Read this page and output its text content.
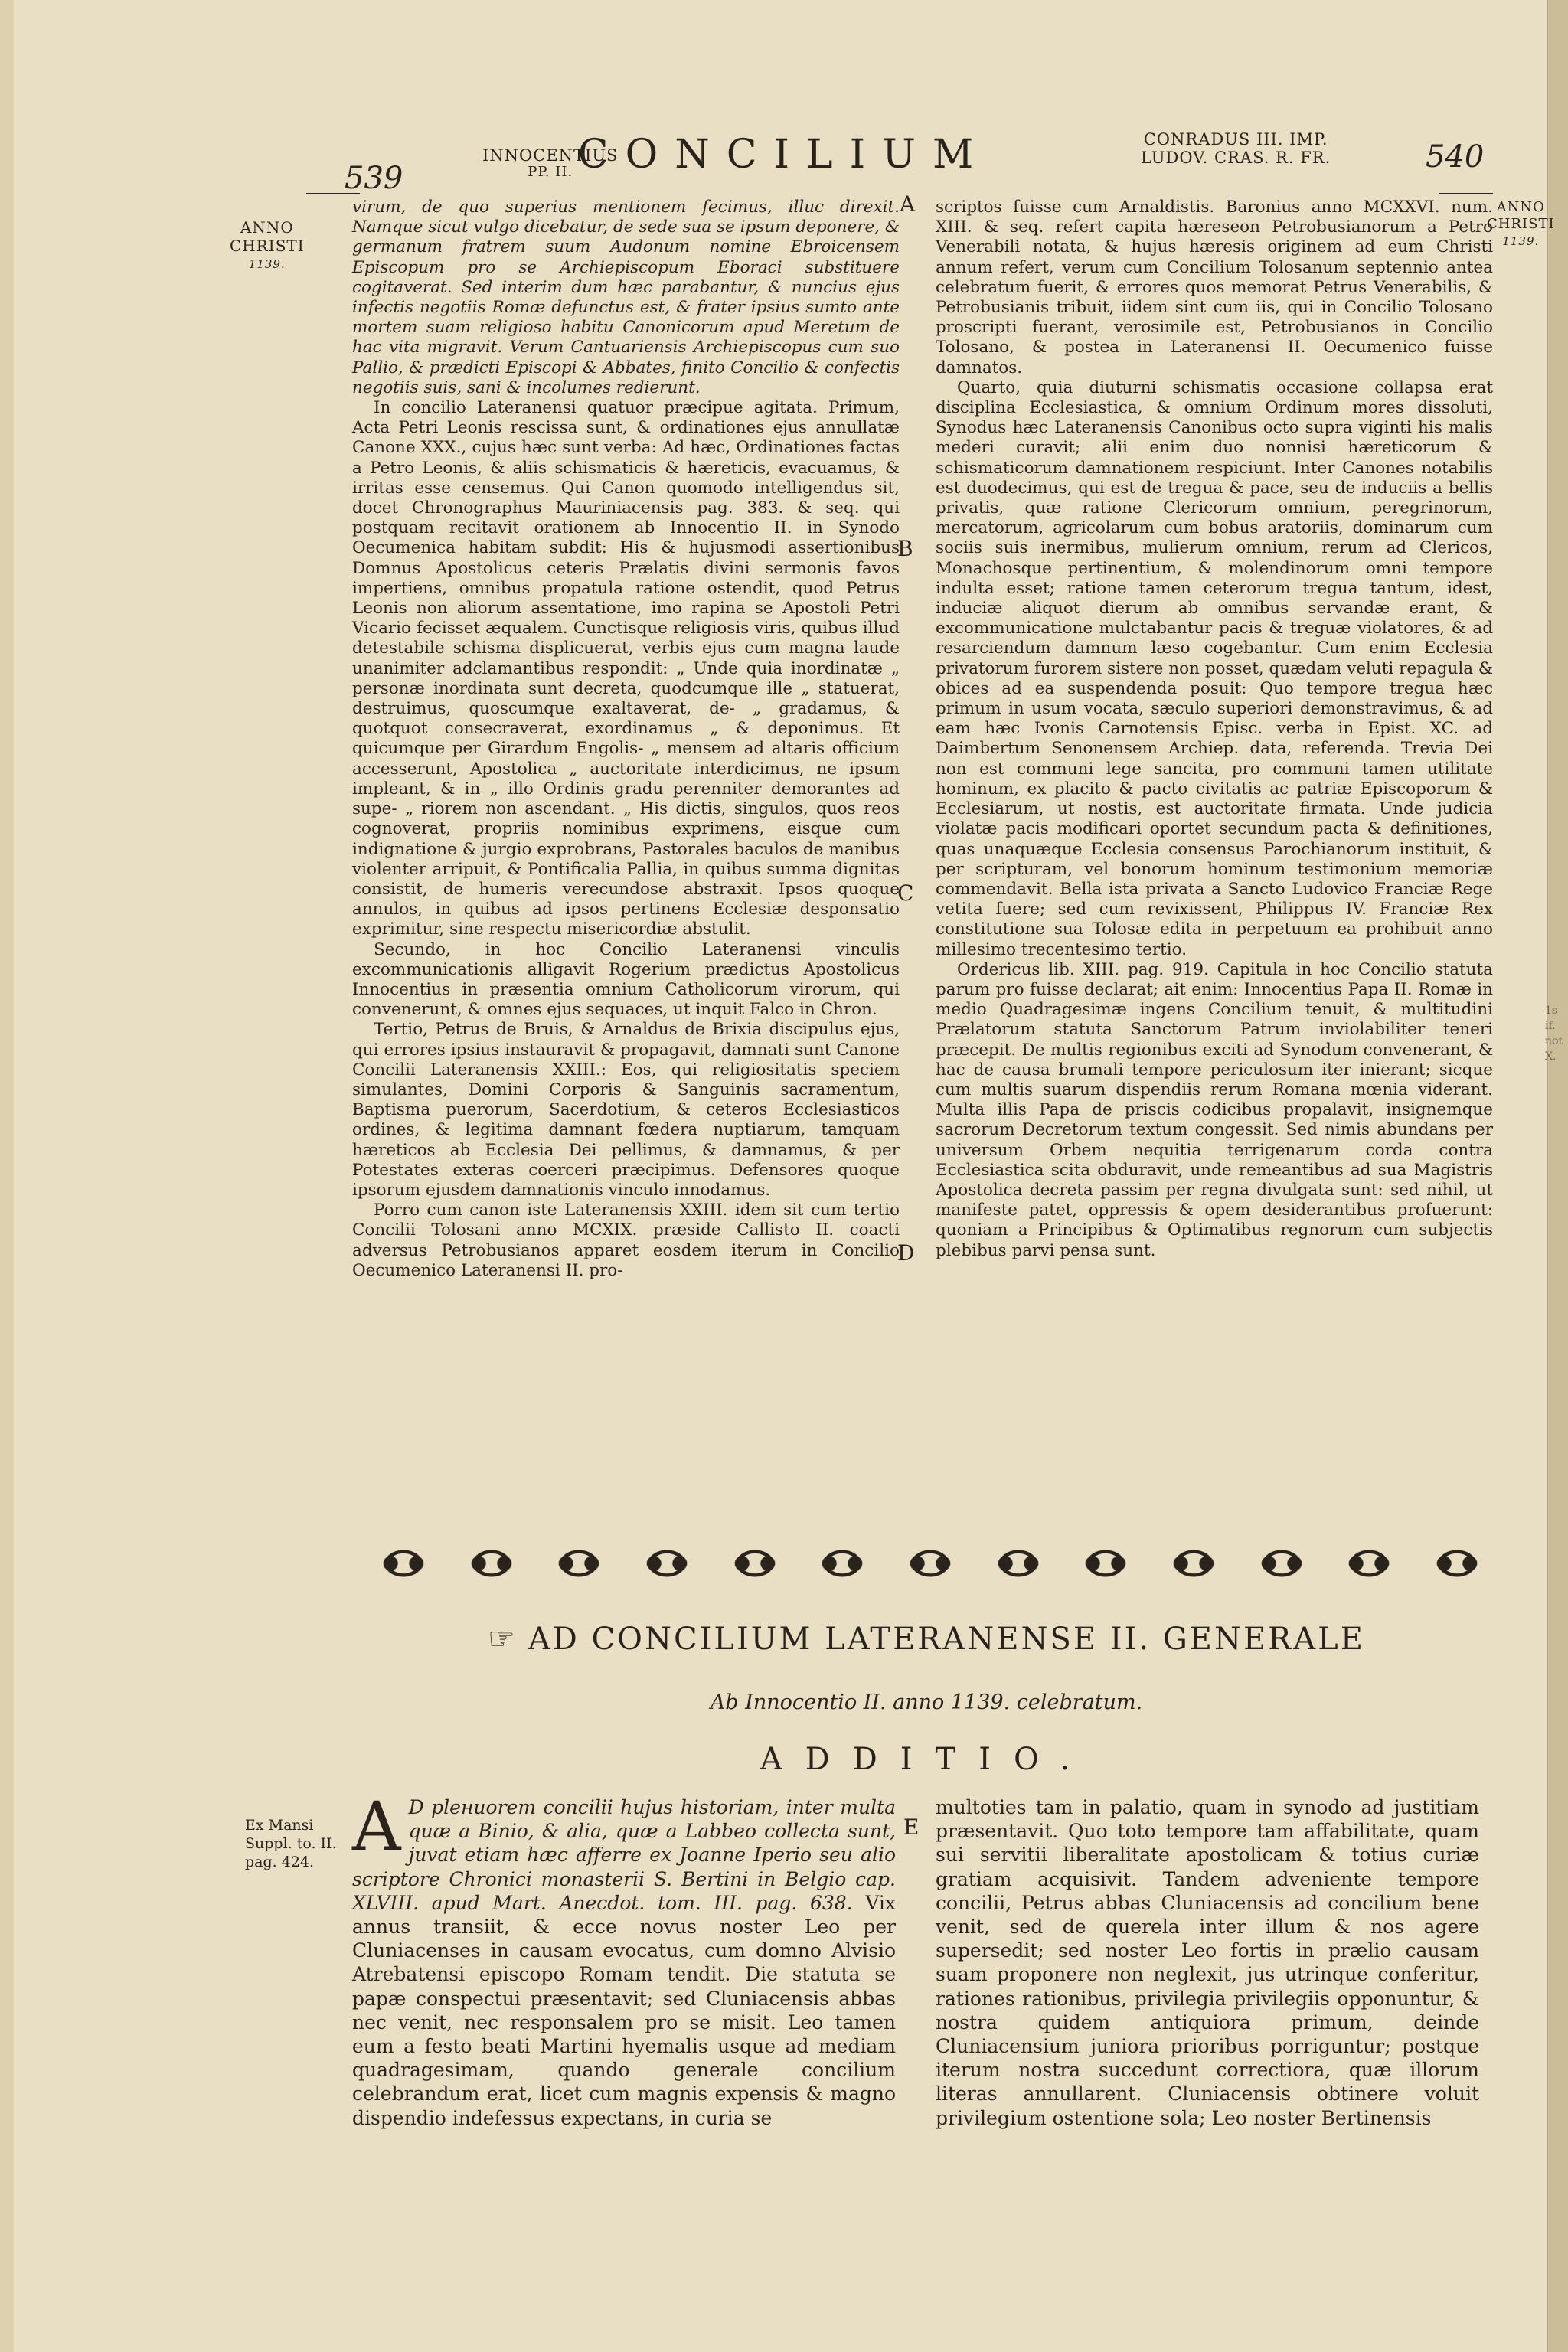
539
INNOCENTIUS
PP. II. CONCILIUM	CONRADUS III. IMP.
LUDOV. CRAS. R. FR.	540
ANNO
CHRISTI
1139.
ANNO
CHRISTI
1139.
B
C
D
A
E

virum, de quo superius mentionem fecimus, illuc direxit. Namque sicut vulgo dicebatur, de sede sua se ipsum deponere, & germanum fratrem suum Audonum nomine Ebroicensem Episcopum pro se Archiepiscopum Eboraci substituere cogitaverat. Sed interim dum hæc parabantur, & nuncius ejus infectis negotiis Romæ defunctus est, & frater ipsius sumto ante mortem suam religioso habitu Canonicorum apud Meretum de hac vita migravit. Verum Cantuariensis Archiepiscopus cum suo Pallio, & prædicti Episcopi & Abbates, finito Concilio & confectis negotiis suis, sani & incolumes redierunt.

In concilio Lateranensi quatuor præcipue agitata. Primum, Acta Petri Leonis rescissa sunt, & ordinationes ejus annullatæ Canone XXX., cujus hæc sunt verba: Ad hæc, Ordinationes factas a Petro Leonis, & aliis schismaticis & hæreticis, evacuamus, & irritas esse censemus. Qui Canon quomodo intelligendus sit, docet Chronographus Mauriniacensis pag. 383. & seq. qui postquam recitavit orationem ab Innocentio II. in Synodo Oecumenica habitam subdit: His & hujusmodi assertionibus Domnus Apostolicus ceteris Prælatis divini sermonis favos impertiens, omnibus propatula ratione ostendit, quod Petrus Leonis non aliorum assentatione, imo rapina se Apostoli Petri Vicario fecisset æqualem. Cunctisque religiosis viris, quibus illud detestabile schisma displicuerat, verbis ejus cum magna laude unanimiter adclamantibus respondit: „ Unde quia inordinatæ „ personæ inordinata sunt decreta, quodcumque ille „ statuerat, destruimus, quoscumque exaltaverat, de- „ gradamus, & quotquot consecraverat, exordinamus „ & deponimus. Et quicumque per Girardum Engolis- „ mensem ad altaris officium accesserunt, Apostolica „ auctoritate interdicimus, ne ipsum impleant, & in „ illo Ordinis gradu perenniter demorantes ad supe- „ riorem non ascendant. „ His dictis, singulos, quos reos cognoverat, propriis nominibus exprimens, eisque cum indignatione & jurgio exprobrans, Pastorales baculos de manibus violenter arripuit, & Pontificalia Pallia, in quibus summa dignitas consistit, de humeris verecundose abstraxit. Ipsos quoque annulos, in quibus ad ipsos pertinens Ecclesiæ desponsatio exprimitur, sine respectu misericordiæ abstulit.

Secundo, in hoc Concilio Lateranensi vinculis excommunicationis alligavit Rogerium prædictus Apostolicus Innocentius in præsentia omnium Catholicorum virorum, qui convenerunt, & omnes ejus sequaces, ut inquit Falco in Chron.

Tertio, Petrus de Bruis, & Arnaldus de Brixia discipulus ejus, qui errores ipsius instauravit & propagavit, damnati sunt Canone Concilii Lateranensis XXIII.: Eos, qui religiositatis speciem simulantes, Domini Corporis & Sanguinis sacramentum, Baptisma puerorum, Sacerdotium, & ceteros Ecclesiasticos ordines, & legitima damnant fœdera nuptiarum, tamquam hæreticos ab Ecclesia Dei pellimus, & damnamus, & per Potestates exteras coerceri præcipimus. Defensores quoque ipsorum ejusdem damnationis vinculo innodamus.

Porro cum canon iste Lateranensis XXIII. idem sit cum tertio Concilii Tolosani anno MCXIX. præside Callisto II. coacti adversus Petrobusianos apparet eosdem iterum in Concilio Oecumenico Lateranensi II. pro-

scriptos fuisse cum Arnaldistis. Baronius anno MCXXVI. num. XIII. & seq. refert capita hæreseon Petrobusianorum a Petro Venerabili notata, & hujus hæresis originem ad eum Christi annum refert, verum cum Concilium Tolosanum septennio antea celebratum fuerit, & errores quos memorat Petrus Venerabilis, & Petrobusianis tribuit, iidem sint cum iis, qui in Concilio Tolosano proscripti fuerant, verosimile est, Petrobusianos in Concilio Tolosano, & postea in Lateranensi II. Oecumenico fuisse damnatos.

Quarto, quia diuturni schismatis occasione collapsa erat disciplina Ecclesiastica, & omnium Ordinum mores dissoluti, Synodus hæc Lateranensis Canonibus octo supra viginti his malis mederi curavit; alii enim duo nonnisi hæreticorum & schismaticorum damnationem respiciunt. Inter Canones notabilis est duodecimus, qui est de tregua & pace, seu de induciis a bellis privatis, quæ ratione Clericorum omnium, peregrinorum, mercatorum, agricolarum cum bobus aratoriis, dominarum cum sociis suis inermibus, mulierum omnium, rerum ad Clericos, Monachosque pertinentium, & molendinorum omni tempore indulta esset; ratione tamen ceterorum tregua tantum, idest, induciæ aliquot dierum ab omnibus servandæ erant, & excommunicatione mulctabantur pacis & treguæ violatores, & ad resarciendum damnum læso cogebantur. Cum enim Ecclesia privatorum furorem sistere non posset, quædam veluti repagula & obices ad ea suspendenda posuit: Quo tempore tregua hæc primum in usum vocata, sæculo superiori demonstravimus, & ad eam hæc Ivonis Carnotensis Episc. verba in Epist. XC. ad Daimbertum Senonensem Archiep. data, referenda. Trevia Dei non est communi lege sancita, pro communi tamen utilitate hominum, ex placito & pacto civitatis ac patriæ Episcoporum & Ecclesiarum, ut nostis, est auctoritate firmata. Unde judicia violatæ pacis modificari oportet secundum pacta & definitiones, quas unaquæque Ecclesia consensus Parochianorum instituit, & per scripturam, vel bonorum hominum testimonium memoriæ commendavit. Bella ista privata a Sancto Ludovico Franciæ Rege vetita fuere; sed cum revixissent, Philippus IV. Franciæ Rex constitutione sua Tolosæ edita in perpetuum ea prohibuit anno millesimo trecentesimo tertio.

Ordericus lib. XIII. pag. 919. Capitula in hoc Concilio statuta parum pro fuisse declarat; ait enim: Innocentius Papa II. Romæ in medio Quadragesimæ ingens Concilium tenuit, & multitudini Prælatorum statuta Sanctorum Patrum inviolabiliter teneri præcepit. De multis regionibus exciti ad Synodum convenerant, & hac de causa brumali tempore periculosum iter inierant; sicque cum multis suarum dispendiis rerum Romana mœnia viderant. Multa illis Papa de priscis codicibus propalavit, insignemque sacrorum Decretorum textum congessit. Sed nimis abundans per universum Orbem nequitia terrigenarum corda contra Ecclesiastica scita obduravit, unde remeantibus ad sua Magistris Apostolica decreta passim per regna divulgata sunt: sed nihil, ut manifeste patet, oppressis & opem desiderantibus profuerunt: quoniam a Principibus & Optimatibus regnorum cum subjectis plebibus parvi pensa sunt.

☞ AD CONCILIUM LATERANENSE II. GENERALE
Ab Innocentio II. anno 1139. celebratum.
ADDITIO.
Ex Mansi
Suppl. to. II.
pag. 424. A D plениorem concilii hujus historiam, inter multa quæ a Binio, & alia, quæ a Labbeo collecta sunt, juvat etiam hæc afferre ex Joanne Iperio seu alio scriptore Chronici monasterii S. Bertini in Belgio cap. XLVIII. apud Mart. Anecdot. tom. III. pag. 638. Vix annus transiit, & ecce novus noster Leo per Cluniacenses in causam evocatus, cum domno Alvisio Atrebatensi episcopo Romam tendit. Die statuta se papæ conspectui præsentavit; sed Cluniacensis abbas nec venit, nec responsalem pro se misit. Leo tamen eum a festo beati Martini hyemalis usque ad mediam quadragesimam, quando generale concilium celebrandum erat, licet cum magnis expensis & magno dispendio indefessus expectans, in curia se

multoties tam in palatio, quam in synodo ad justitiam præsentavit. Quo toto tempore tam affabilitate, quam sui servitii liberalitate apostolicam & totius curiæ gratiam acquisivit. Tandem adveniente tempore concilii, Petrus abbas Cluniacensis ad concilium bene venit, sed de querela inter illum & nos agere supersedit; sed noster Leo fortis in prælio causam suam proponere non neglexit, jus utrinque conferitur, rationes rationibus, privilegia privilegiis opponuntur, & nostra quidem antiquiora primum, deinde Cluniacensium juniora prioribus porriguntur; postque iterum nostra succedunt correctiora, quæ illorum literas annullarent. Cluniacensis obtinere voluit privilegium ostentione sola; Leo noster Bertinensis

1s if. not X.
